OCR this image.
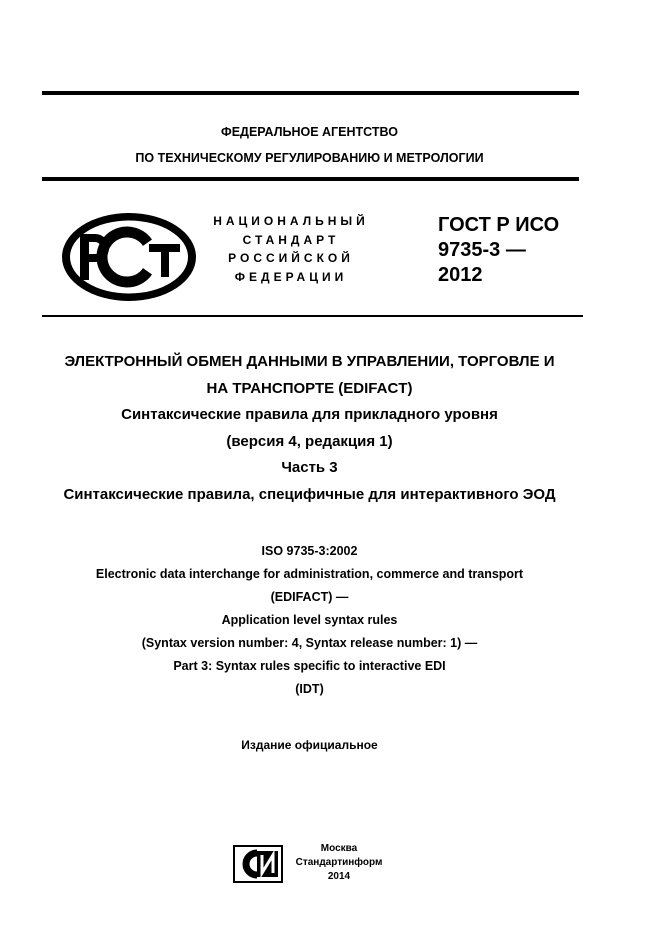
ФЕДЕРАЛЬНОЕ АГЕНТСТВО
ПО ТЕХНИЧЕСКОМУ РЕГУЛИРОВАНИЮ И МЕТРОЛОГИИ
НАЦИОНАЛЬНЫЙ
СТАНДАРТ
РОССИЙСКОЙ
ФЕДЕРАЦИИ
ГОСТ Р ИСО
9735-3 —
2012
ЭЛЕКТРОННЫЙ ОБМЕН ДАННЫМИ В УПРАВЛЕНИИ, ТОРГОВЛЕ И
НА ТРАНСПОРТЕ (EDIFACT)
Синтаксические правила для прикладного уровня
(версия 4, редакция 1)
Часть 3
Синтаксические правила, специфичные для интерактивного ЭОД
ISO 9735-3:2002
Electronic data interchange for administration, commerce and transport
(EDIFACT) —
Application level syntax rules
(Syntax version number: 4, Syntax release number: 1) —
Part 3: Syntax rules specific to interactive EDI
(IDT)
Издание официальное
Москва
Стандартинформ
2014
